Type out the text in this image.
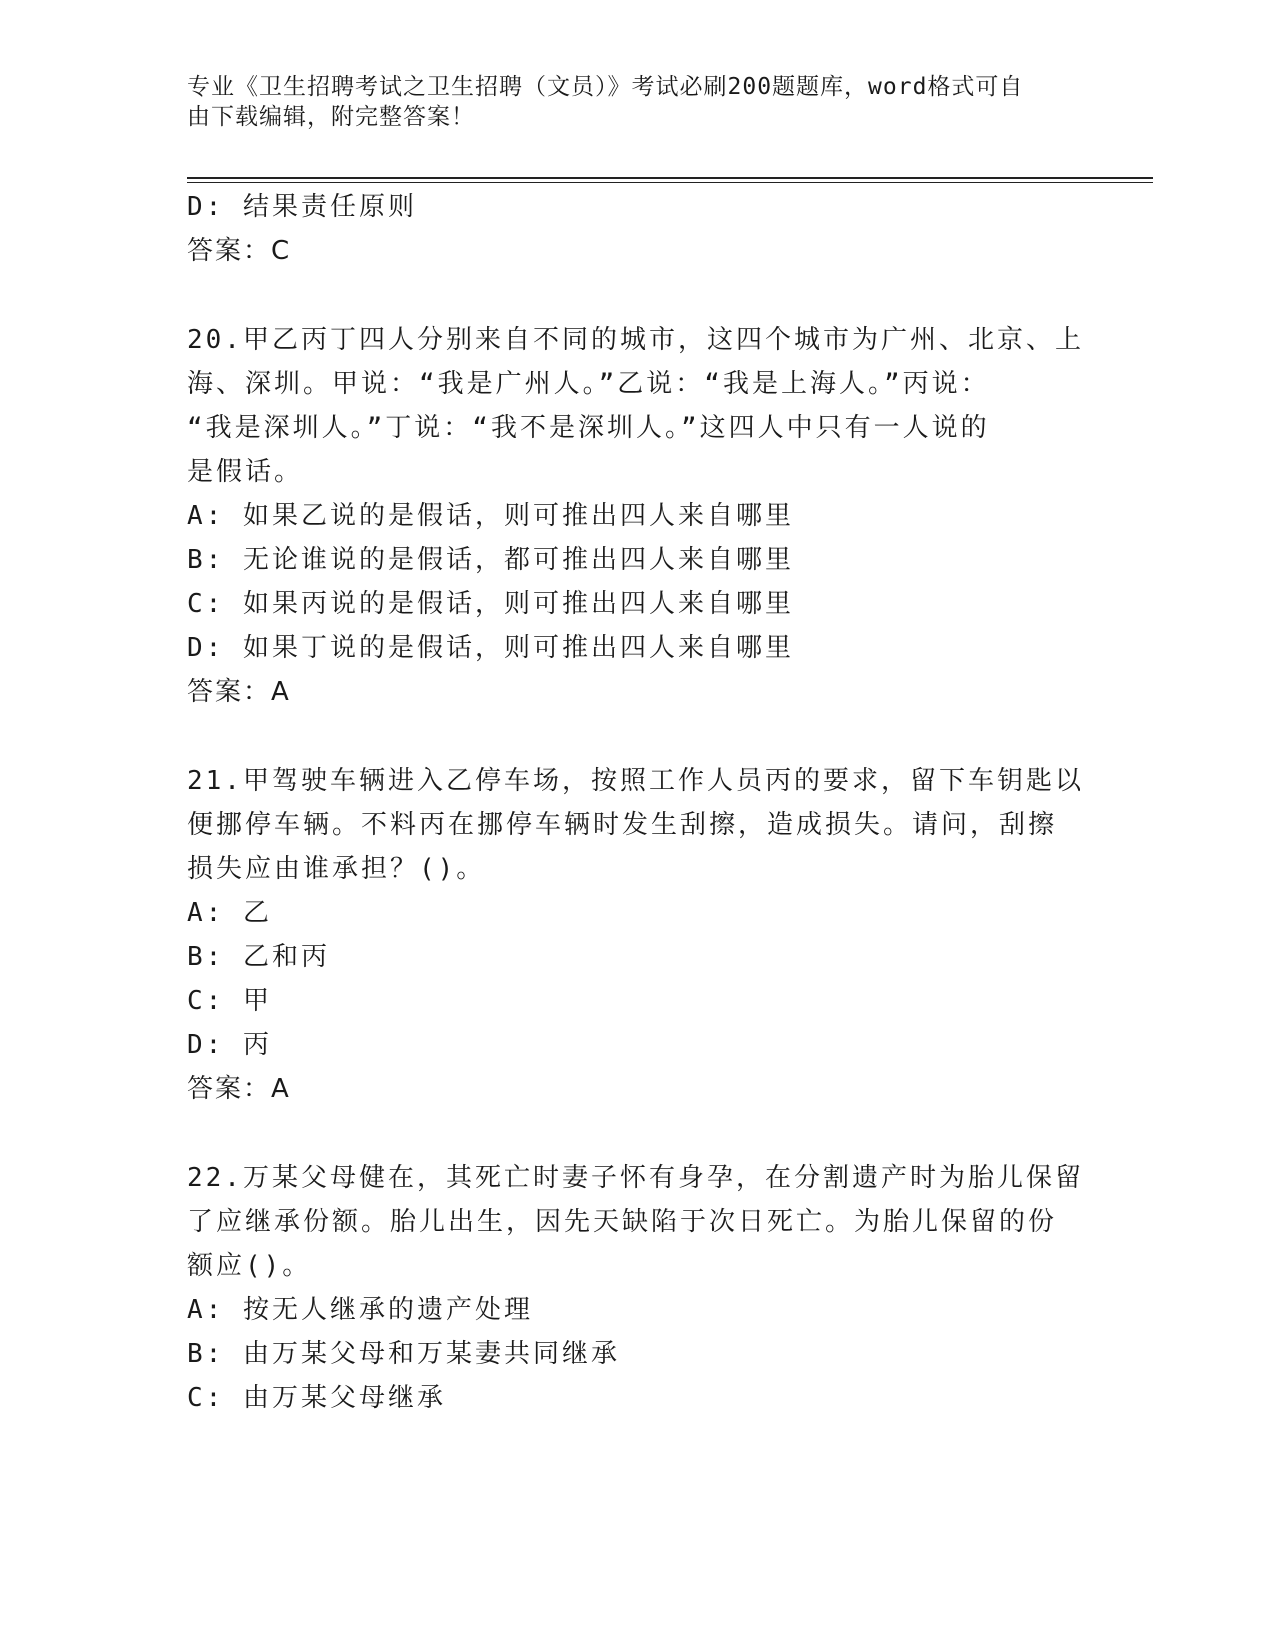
专业《卫生招聘考试之卫生招聘（文员）》考试必刷200题题库，word格式可自
由下载编辑，附完整答案！
D: 结果责任原则
答案：C
20.甲乙丙丁四人分别来自不同的城市，这四个城市为广州、北京、上
海、深圳。甲说：“我是广州人。”乙说：“我是上海人。”丙说：
“我是深圳人。”丁说：“我不是深圳人。”这四人中只有一人说的
是假话。
A: 如果乙说的是假话，则可推出四人来自哪里
B: 无论谁说的是假话，都可推出四人来自哪里
C: 如果丙说的是假话，则可推出四人来自哪里
D: 如果丁说的是假话，则可推出四人来自哪里
答案：A
21.甲驾驶车辆进入乙停车场，按照工作人员丙的要求，留下车钥匙以
便挪停车辆。不料丙在挪停车辆时发生刮擦，造成损失。请问，刮擦
损失应由谁承担？()。
A: 乙
B: 乙和丙
C: 甲
D: 丙
答案：A
22.万某父母健在，其死亡时妻子怀有身孕，在分割遗产时为胎儿保留
了应继承份额。胎儿出生，因先天缺陷于次日死亡。为胎儿保留的份
额应()。
A: 按无人继承的遗产处理
B: 由万某父母和万某妻共同继承
C: 由万某父母继承
